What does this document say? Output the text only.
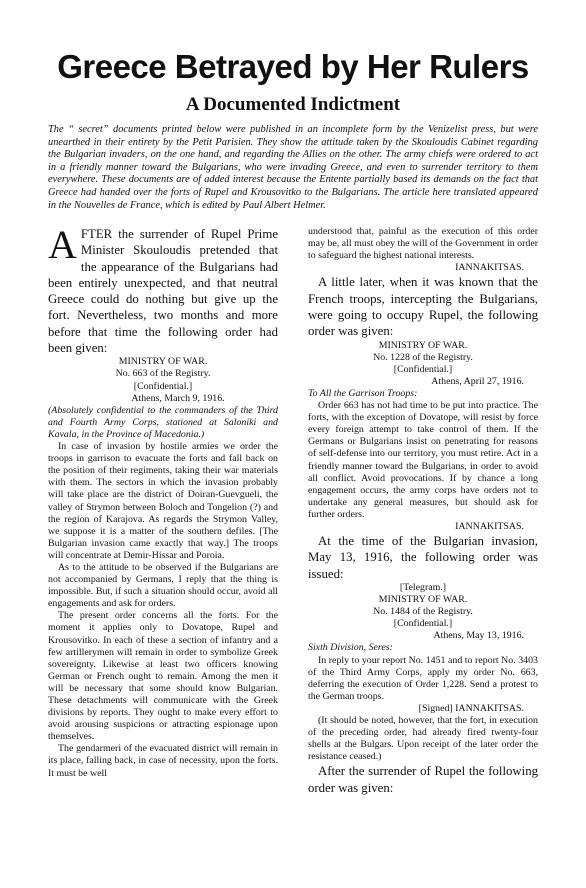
Greece Betrayed by Her Rulers
A Documented Indictment

The “ secret” documents printed below were published in an incomplete form by the Venizelist press, but were unearthed in their entirety by the Petit Parisien. They show the attitude taken by the Skouloudis Cabinet regarding the Bulgarian invaders, on the one hand, and regarding the Allies on the other. The army chiefs were ordered to act in a friendly manner toward the Bulgarians, who were invading Greece, and even to surrender territory to them everywhere. These documents are of added interest because the Entente partially based its demands on the fact that Greece had handed over the forts of Rupel and Krousovitko to the Bulgarians. The article here translated appeared in the Nouvelles de France, which is edited by Paul Albert Helmer.

AFTER the surrender of Rupel Prime Minister Skouloudis pretended that the appearance of the Bulgarians had been entirely unexpected, and that neutral Greece could do nothing but give up the fort. Nevertheless, two months and more before that time the following order had been given:

MINISTRY OF WAR.

No. 663 of the Registry.

[Confidential.]

Athens, March 9, 1916.

(Absolutely confidential to the commanders of the Third and Fourth Army Corps, stationed at Saloniki and Kavala, in the Province of Macedonia.)

In case of invasion by hostile armies we order the troops in garrison to evacuate the forts and fall back on the position of their regiments, taking their war materials with them. The sectors in which the invasion probably will take place are the district of Doiran-Guevgueli, the valley of Strymon between Boloch and Tongelion (?) and the region of Karajova. As regards the Strymon Valley, we suppose it is a matter of the southern defiles. [The Bulgarian invasion came exactly that way.] The troops will concentrate at Demir-Hissar and Poroia.

As to the attitude to be observed if the Bulgarians are not accompanied by Germans, I reply that the thing is impossible. But, if such a situation should occur, avoid all engagements and ask for orders.

The present order concerns all the forts. For the moment it applies only to Dovatope, Rupel and Krousovitko. In each of these a section of infantry and a few artillerymen will remain in order to symbolize Greek sovereignty. Likewise at least two officers knowing German or French ought to remain. Among the men it will be necessary that some should know Bulgarian. These detachments will communicate with the Greek divisions by reports. They ought to make every effort to avoid arousing suspicions or attracting espionage upon themselves.

The gendarmeri of the evacuated district will remain in its place, falling back, in case of necessity, upon the forts. It must be well

understood that, painful as the execution of this order may be, all must obey the will of the Government in order to safeguard the highest national interests.

IANNAKITSAS.

A little later, when it was known that the French troops, intercepting the Bulgarians, were going to occupy Rupel, the following order was given:

MINISTRY OF WAR.

No. 1228 of the Registry.

[Confidential.]

Athens, April 27, 1916.

To All the Garrison Troops:

Order 663 has not had time to be put into practice. The forts, with the exception of Dovatope, will resist by force every foreign attempt to take control of them. If the Germans or Bulgarians insist on penetrating for reasons of self-defense into our territory, you must retire. Act in a friendly manner toward the Bulgarians, in order to avoid all conflict. Avoid provocations. If by chance a long engagement occurs, the army corps have orders not to undertake any general measures, but should ask for further orders.

IANNAKITSAS.

At the time of the Bulgarian invasion, May 13, 1916, the following order was issued:

[Telegram.]

MINISTRY OF WAR.

No. 1484 of the Registry.

[Confidential.]

Athens, May 13, 1916.

Sixth Division, Seres:

In reply to your report No. 1451 and to report No. 3403 of the Third Army Corps, apply my order No. 663, deferring the execution of Order 1,228. Send a protest to the German troops.

[Signed] IANNAKITSAS.

(It should be noted, however, that the fort, in execution of the preceding order, had already fired twenty-four shells at the Bulgars. Upon receipt of the later order the resistance ceased.)

After the surrender of Rupel the following order was given:
